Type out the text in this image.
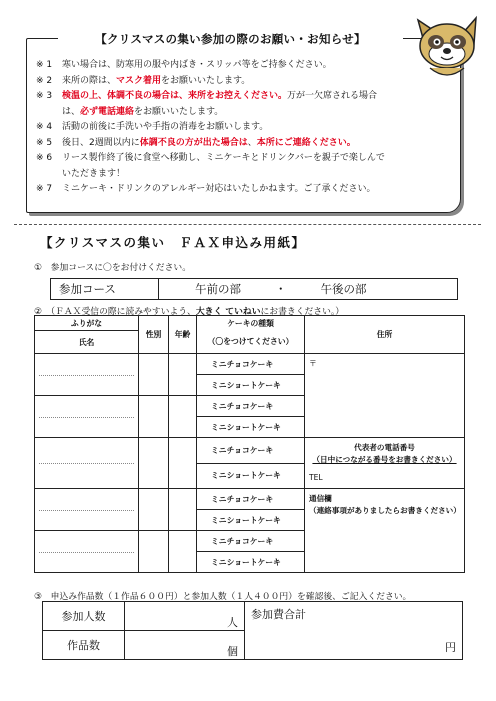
【クリスマスの集い参加の際のお願い・お知らせ】
※ 1	寒い場合は、防寒用の服や内ばき・スリッパ等をご持参ください。
※ 2	来所の際は、マスク着用をお願いいたします。
※ 3	検温の上、体調不良の場合は、来所をお控えください。万が一欠席される場合
は、必ず電話連絡をお願いいたします。
※ 4	活動の前後に手洗いや手指の消毒をお願いします。
※ 5	後日、2週間以内に体調不良の方が出た場合は、本所にご連絡ください。
※ 6	リース製作終了後に食堂へ移動し、ミニケーキとドリンクバーを親子で楽しんで
いただきます！
※ 7	ミニケーキ・ドリンクのアレルギー対応はいたしかねます。ご了承ください。
【クリスマスの集い　ＦＡＸ申込み用紙】
①　参加コースに〇をお付けください。
参加コース	午前の部	・	午後の部
②　（ＦＡＸ受信の際に読みやすいよう、大きく ていねいにお書きください。）
ふりがな	性別	年齢	ケーキの種類	住所
氏名			（〇をつけてください）	

			ミニチョコケーキ	〒
			ミニショートケーキ	

			ミニチョコケーキ	
			ミニショートケーキ	

			ミニチョコケーキ	代表者の電話番号
（日中につながる番号をお書きください）
TEL

			ミニショートケーキ	

			ミニチョコケーキ	通信欄
（連絡事項がありましたらお書きください）

			ミニショートケーキ	

			ミニチョコケーキ	
			ミニショートケーキ	
③　申込み作品数（１作品６００円）と参加人数（１人４００円）を確認後、ご記入ください。
参加人数	人	参加費合計
円

作品数	個	
